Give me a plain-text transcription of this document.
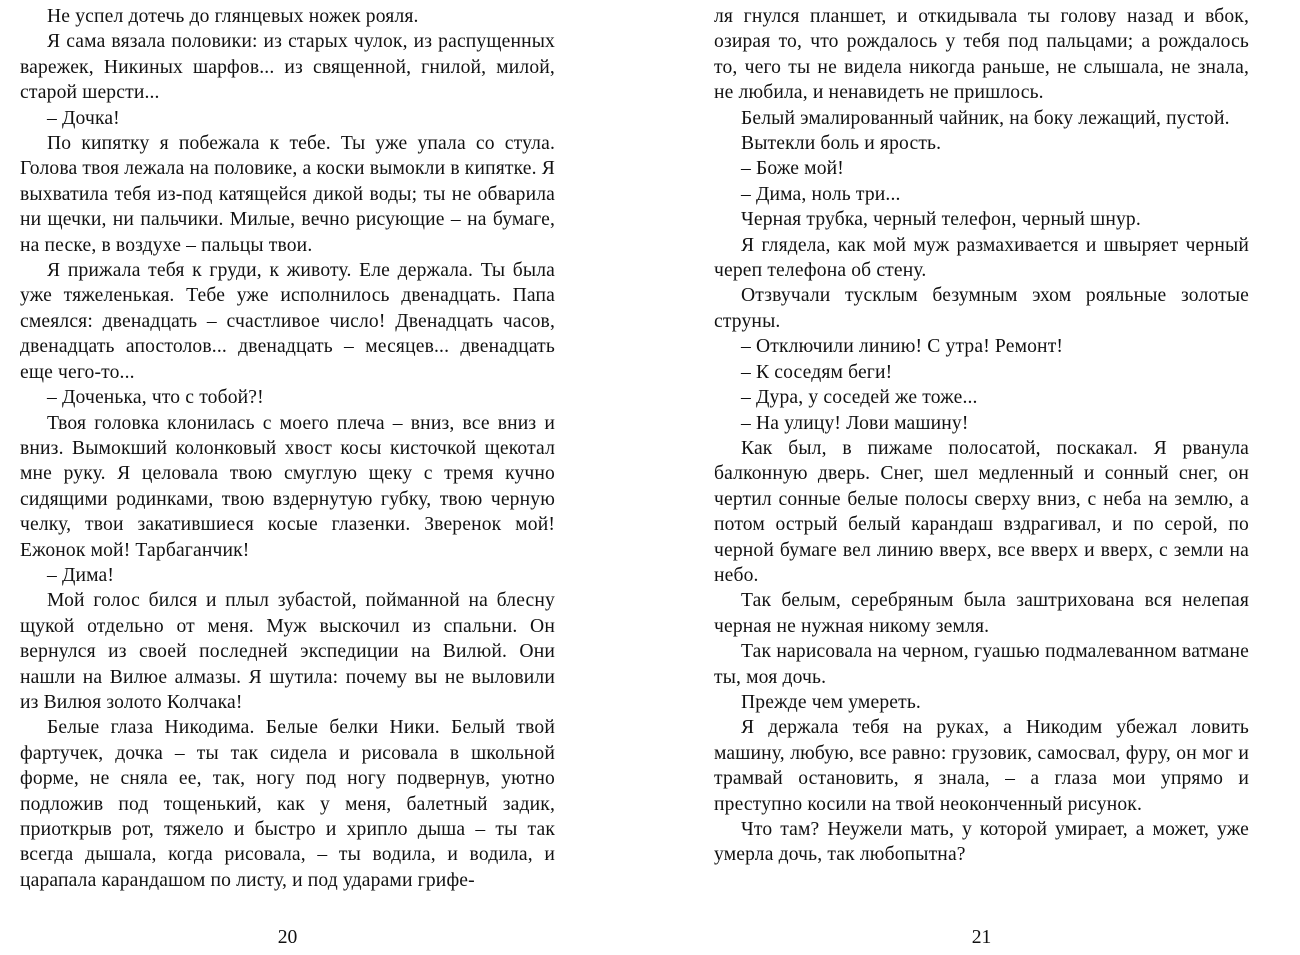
Не успел дотечь до глянцевых ножек рояля.

Я сама вязала половики: из старых чулок, из распущенных варежек, Никиных шарфов... из священной, гнилой, милой, старой шерсти...

– Дочка!

По кипятку я побежала к тебе. Ты уже упала со стула. Голова твоя лежала на половике, а коски вымокли в кипятке. Я выхватила тебя из-под катящейся дикой воды; ты не обварила ни щечки, ни пальчики. Милые, вечно рисующие – на бумаге, на песке, в воздухе – пальцы твои.

Я прижала тебя к груди, к животу. Еле держала. Ты была уже тяжеленькая. Тебе уже исполнилось двенадцать. Папа смеялся: двенадцать – счастливое число! Двенадцать часов, двенадцать апостолов... двенадцать – месяцев... двенадцать еще чего-то...

– Доченька, что с тобой?!

Твоя головка клонилась с моего плеча – вниз, все вниз и вниз. Вымокший колонковый хвост косы кисточкой щекотал мне руку. Я целовала твою смуглую щеку с тремя кучно сидящими родинками, твою вздернутую губку, твою черную челку, твои закатившиеся косые глазенки. Зверенок мой! Ежонок мой! Тарбаганчик!

– Дима!

Мой голос бился и плыл зубастой, пойманной на блесну щукой отдельно от меня. Муж выскочил из спальни. Он вернулся из своей последней экспедиции на Вилюй. Они нашли на Вилюе алмазы. Я шутила: почему вы не выловили из Вилюя золото Колчака!

Белые глаза Никодима. Белые белки Ники. Белый твой фартучек, дочка – ты так сидела и рисовала в школьной форме, не сняла ее, так, ногу под ногу подвернув, уютно подложив под тощенький, как у меня, балетный задик, приоткрыв рот, тяжело и быстро и хрипло дыша – ты так всегда дышала, когда рисовала, – ты водила, и водила, и царапала карандашом по листу, и под ударами грифе-

20

ля гнулся планшет, и откидывала ты голову назад и вбок, озирая то, что рождалось у тебя под пальцами; а рождалось то, чего ты не видела никогда раньше, не слышала, не знала, не любила, и ненавидеть не пришлось.

Белый эмалированный чайник, на боку лежащий, пустой.

Вытекли боль и ярость.

– Боже мой!

– Дима, ноль три...

Черная трубка, черный телефон, черный шнур.

Я глядела, как мой муж размахивается и швыряет черный череп телефона об стену.

Отзвучали тусклым безумным эхом рояльные золотые струны.

– Отключили линию! С утра! Ремонт!

– К соседям беги!

– Дура, у соседей же тоже...

– На улицу! Лови машину!

Как был, в пижаме полосатой, поскакал. Я рванула балконную дверь. Снег, шел медленный и сонный снег, он чертил сонные белые полосы сверху вниз, с неба на землю, а потом острый белый карандаш вздрагивал, и по серой, по черной бумаге вел линию вверх, все вверх и вверх, с земли на небо.

Так белым, серебряным была заштрихована вся нелепая черная не нужная никому земля.

Так нарисовала на черном, гуашью подмалеванном ватмане ты, моя дочь.

Прежде чем умереть.

Я держала тебя на руках, а Никодим убежал ловить машину, любую, все равно: грузовик, самосвал, фуру, он мог и трамвай остановить, я знала, – а глаза мои упрямо и преступно косили на твой неоконченный рисунок.

Что там? Неужели мать, у которой умирает, а может, уже умерла дочь, так любопытна?

21
